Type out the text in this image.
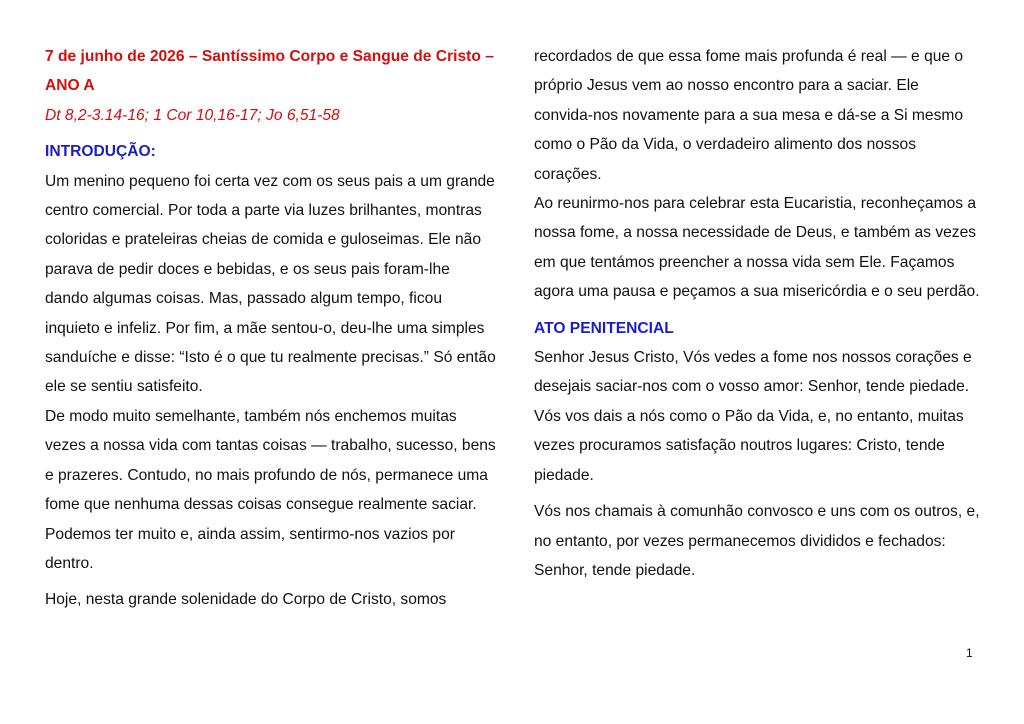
7 de junho de 2026 – Santíssimo Corpo e Sangue de Cristo – ANO A

Dt 8,2-3.14-16; 1 Cor 10,16-17; Jo 6,51-58

INTRODUÇÃO:

Um menino pequeno foi certa vez com os seus pais a um grande centro comercial. Por toda a parte via luzes brilhantes, montras coloridas e prateleiras cheias de comida e guloseimas. Ele não parava de pedir doces e bebidas, e os seus pais foram-lhe dando algumas coisas. Mas, passado algum tempo, ficou inquieto e infeliz. Por fim, a mãe sentou-o, deu-lhe uma simples sanduíche e disse: “Isto é o que tu realmente precisas.” Só então ele se sentiu satisfeito.

De modo muito semelhante, também nós enchemos muitas vezes a nossa vida com tantas coisas — trabalho, sucesso, bens e prazeres. Contudo, no mais profundo de nós, permanece uma fome que nenhuma dessas coisas consegue realmente saciar. Podemos ter muito e, ainda assim, sentirmo-nos vazios por dentro.

Hoje, nesta grande solenidade do Corpo de Cristo, somos

recordados de que essa fome mais profunda é real — e que o próprio Jesus vem ao nosso encontro para a saciar. Ele convida-nos novamente para a sua mesa e dá-se a Si mesmo como o Pão da Vida, o verdadeiro alimento dos nossos corações.

Ao reunirmo-nos para celebrar esta Eucaristia, reconheçamos a nossa fome, a nossa necessidade de Deus, e também as vezes em que tentámos preencher a nossa vida sem Ele. Façamos agora uma pausa e peçamos a sua misericórdia e o seu perdão.

ATO PENITENCIAL

Senhor Jesus Cristo, Vós vedes a fome nos nossos corações e desejais saciar-nos com o vosso amor: Senhor, tende piedade.

Vós vos dais a nós como o Pão da Vida, e, no entanto, muitas vezes procuramos satisfação noutros lugares: Cristo, tende piedade.

Vós nos chamais à comunhão convosco e uns com os outros, e, no entanto, por vezes permanecemos divididos e fechados: Senhor, tende piedade.

1
